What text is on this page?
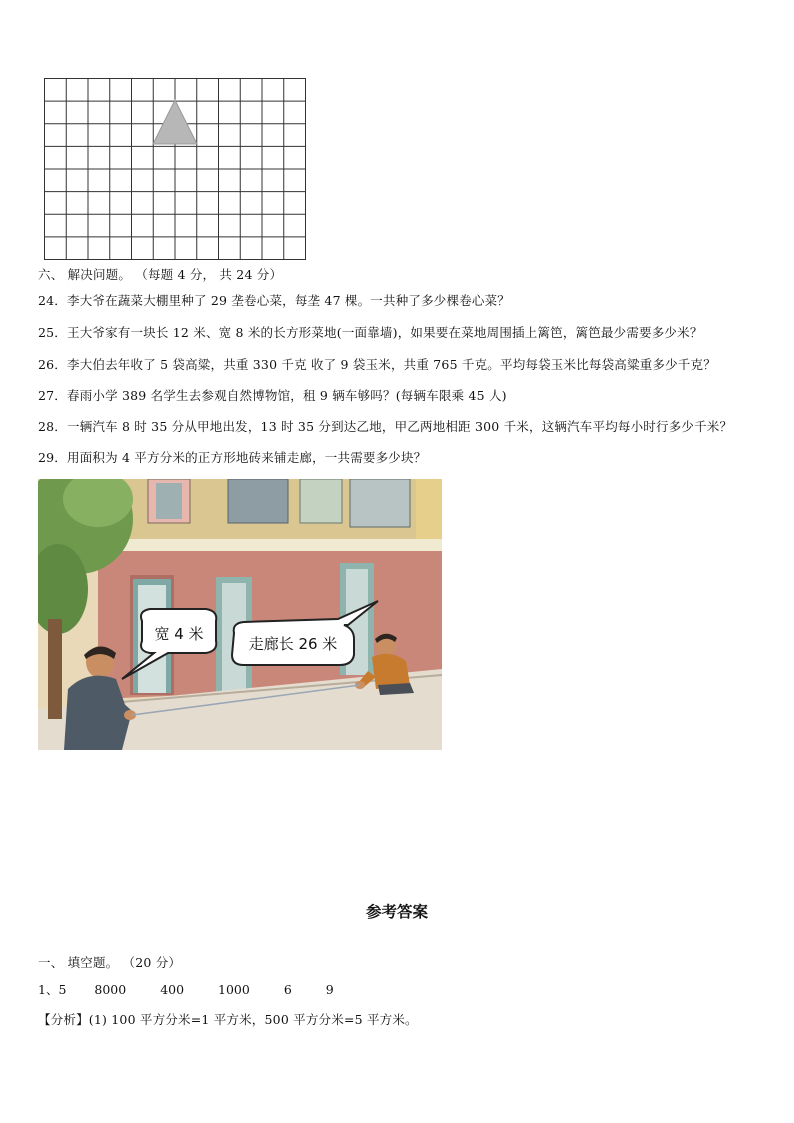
六、 解决问题。 （每题 4 分， 共 24 分）
24．李大爷在蔬菜大棚里种了 29 垄卷心菜，每垄 47 棵。一共种了多少棵卷心菜？
25．王大爷家有一块长 12 米、宽 8 米的长方形菜地(一面靠墙)，如果要在菜地周围插上篱笆，篱笆最少需要多少米？
26．李大伯去年收了 5 袋高粱，共重 330 千克 收了 9 袋玉米，共重 765 千克。平均每袋玉米比每袋高粱重多少千克？
27．春雨小学 389 名学生去参观自然博物馆，租 9 辆车够吗？(每辆车限乘 45 人)
28．一辆汽车 8 时 35 分从甲地出发，13 时 35 分到达乙地，甲乙两地相距 300 千米，这辆汽车平均每小时行多少千米？
29．用面积为 4 平方分米的正方形地砖来铺走廊，一共需要多少块？
宽 4 米
走廊长 26 米
参考答案
一、 填空题。 （20 分）
1、5 8000	400	1000	6	9
【分析】(1) 100 平方分米=1 平方米，500 平方分米=5 平方米。
